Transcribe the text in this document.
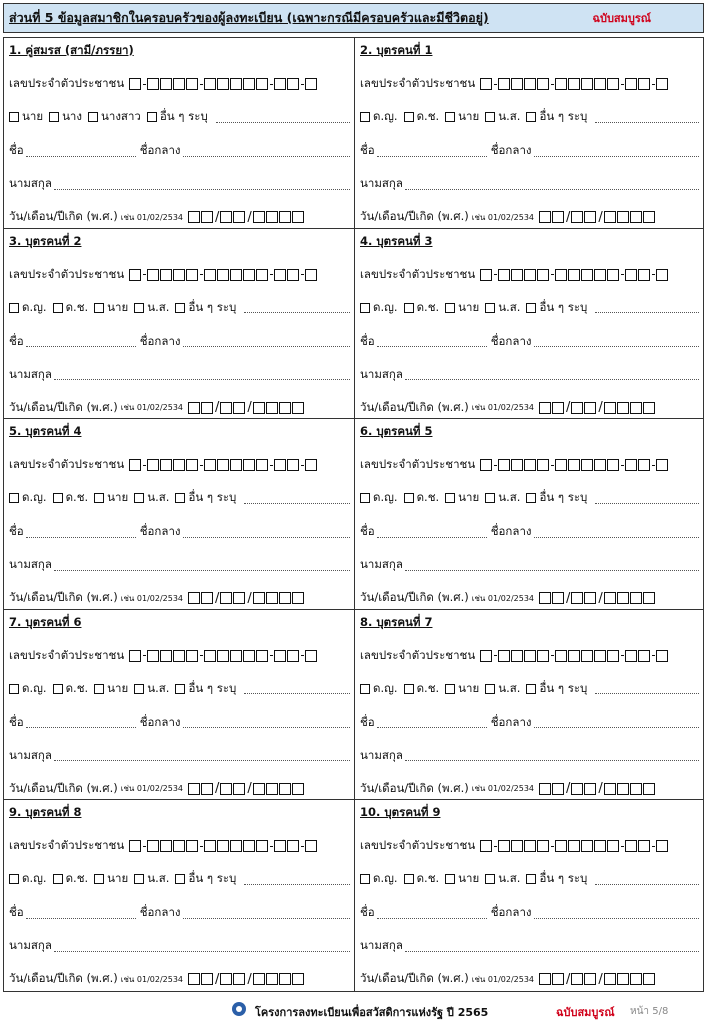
ส่วนที่ 5 ข้อมูลสมาชิกในครอบครัวของผู้ลงทะเบียน (เฉพาะกรณีมีครอบครัวและมีชีวิตอยู่)	ฉบับสมบูรณ์
1. คู่สมรส (สามี/ภรรยา)
เลขประจำตัวประชาชน
นาย นาง นางสาว อื่น ๆ ระบุ
ชื่อ	ชื่อกลาง
นามสกุล
วัน/เดือน/ปีเกิด (พ.ศ.) เช่น 01/02/2534 / /
2. บุตรคนที่ 1
เลขประจำตัวประชาชน
ด.ญ. ด.ช. นาย น.ส. อื่น ๆ ระบุ
ชื่อ	ชื่อกลาง
นามสกุล
วัน/เดือน/ปีเกิด (พ.ศ.) เช่น 01/02/2534 / /
3. บุตรคนที่ 2
เลขประจำตัวประชาชน
ด.ญ. ด.ช. นาย น.ส. อื่น ๆ ระบุ
ชื่อ	ชื่อกลาง
นามสกุล
วัน/เดือน/ปีเกิด (พ.ศ.) เช่น 01/02/2534 / /
4. บุตรคนที่ 3
เลขประจำตัวประชาชน
ด.ญ. ด.ช. นาย น.ส. อื่น ๆ ระบุ
ชื่อ	ชื่อกลาง
นามสกุล
วัน/เดือน/ปีเกิด (พ.ศ.) เช่น 01/02/2534 / /
5. บุตรคนที่ 4
เลขประจำตัวประชาชน
ด.ญ. ด.ช. นาย น.ส. อื่น ๆ ระบุ
ชื่อ	ชื่อกลาง
นามสกุล
วัน/เดือน/ปีเกิด (พ.ศ.) เช่น 01/02/2534 / /
6. บุตรคนที่ 5
เลขประจำตัวประชาชน
ด.ญ. ด.ช. นาย น.ส. อื่น ๆ ระบุ
ชื่อ	ชื่อกลาง
นามสกุล
วัน/เดือน/ปีเกิด (พ.ศ.) เช่น 01/02/2534 / /
7. บุตรคนที่ 6
เลขประจำตัวประชาชน
ด.ญ. ด.ช. นาย น.ส. อื่น ๆ ระบุ
ชื่อ	ชื่อกลาง
นามสกุล
วัน/เดือน/ปีเกิด (พ.ศ.) เช่น 01/02/2534 / /
8. บุตรคนที่ 7
เลขประจำตัวประชาชน
ด.ญ. ด.ช. นาย น.ส. อื่น ๆ ระบุ
ชื่อ	ชื่อกลาง
นามสกุล
วัน/เดือน/ปีเกิด (พ.ศ.) เช่น 01/02/2534 / /
9. บุตรคนที่ 8
เลขประจำตัวประชาชน
ด.ญ. ด.ช. นาย น.ส. อื่น ๆ ระบุ
ชื่อ	ชื่อกลาง
นามสกุล
วัน/เดือน/ปีเกิด (พ.ศ.) เช่น 01/02/2534 / /
10. บุตรคนที่ 9
เลขประจำตัวประชาชน
ด.ญ. ด.ช. นาย น.ส. อื่น ๆ ระบุ
ชื่อ	ชื่อกลาง
นามสกุล
วัน/เดือน/ปีเกิด (พ.ศ.) เช่น 01/02/2534 / /
โครงการลงทะเบียนเพื่อสวัสดิการแห่งรัฐ ปี 2565	ฉบับสมบูรณ์ หน้า 5/8
